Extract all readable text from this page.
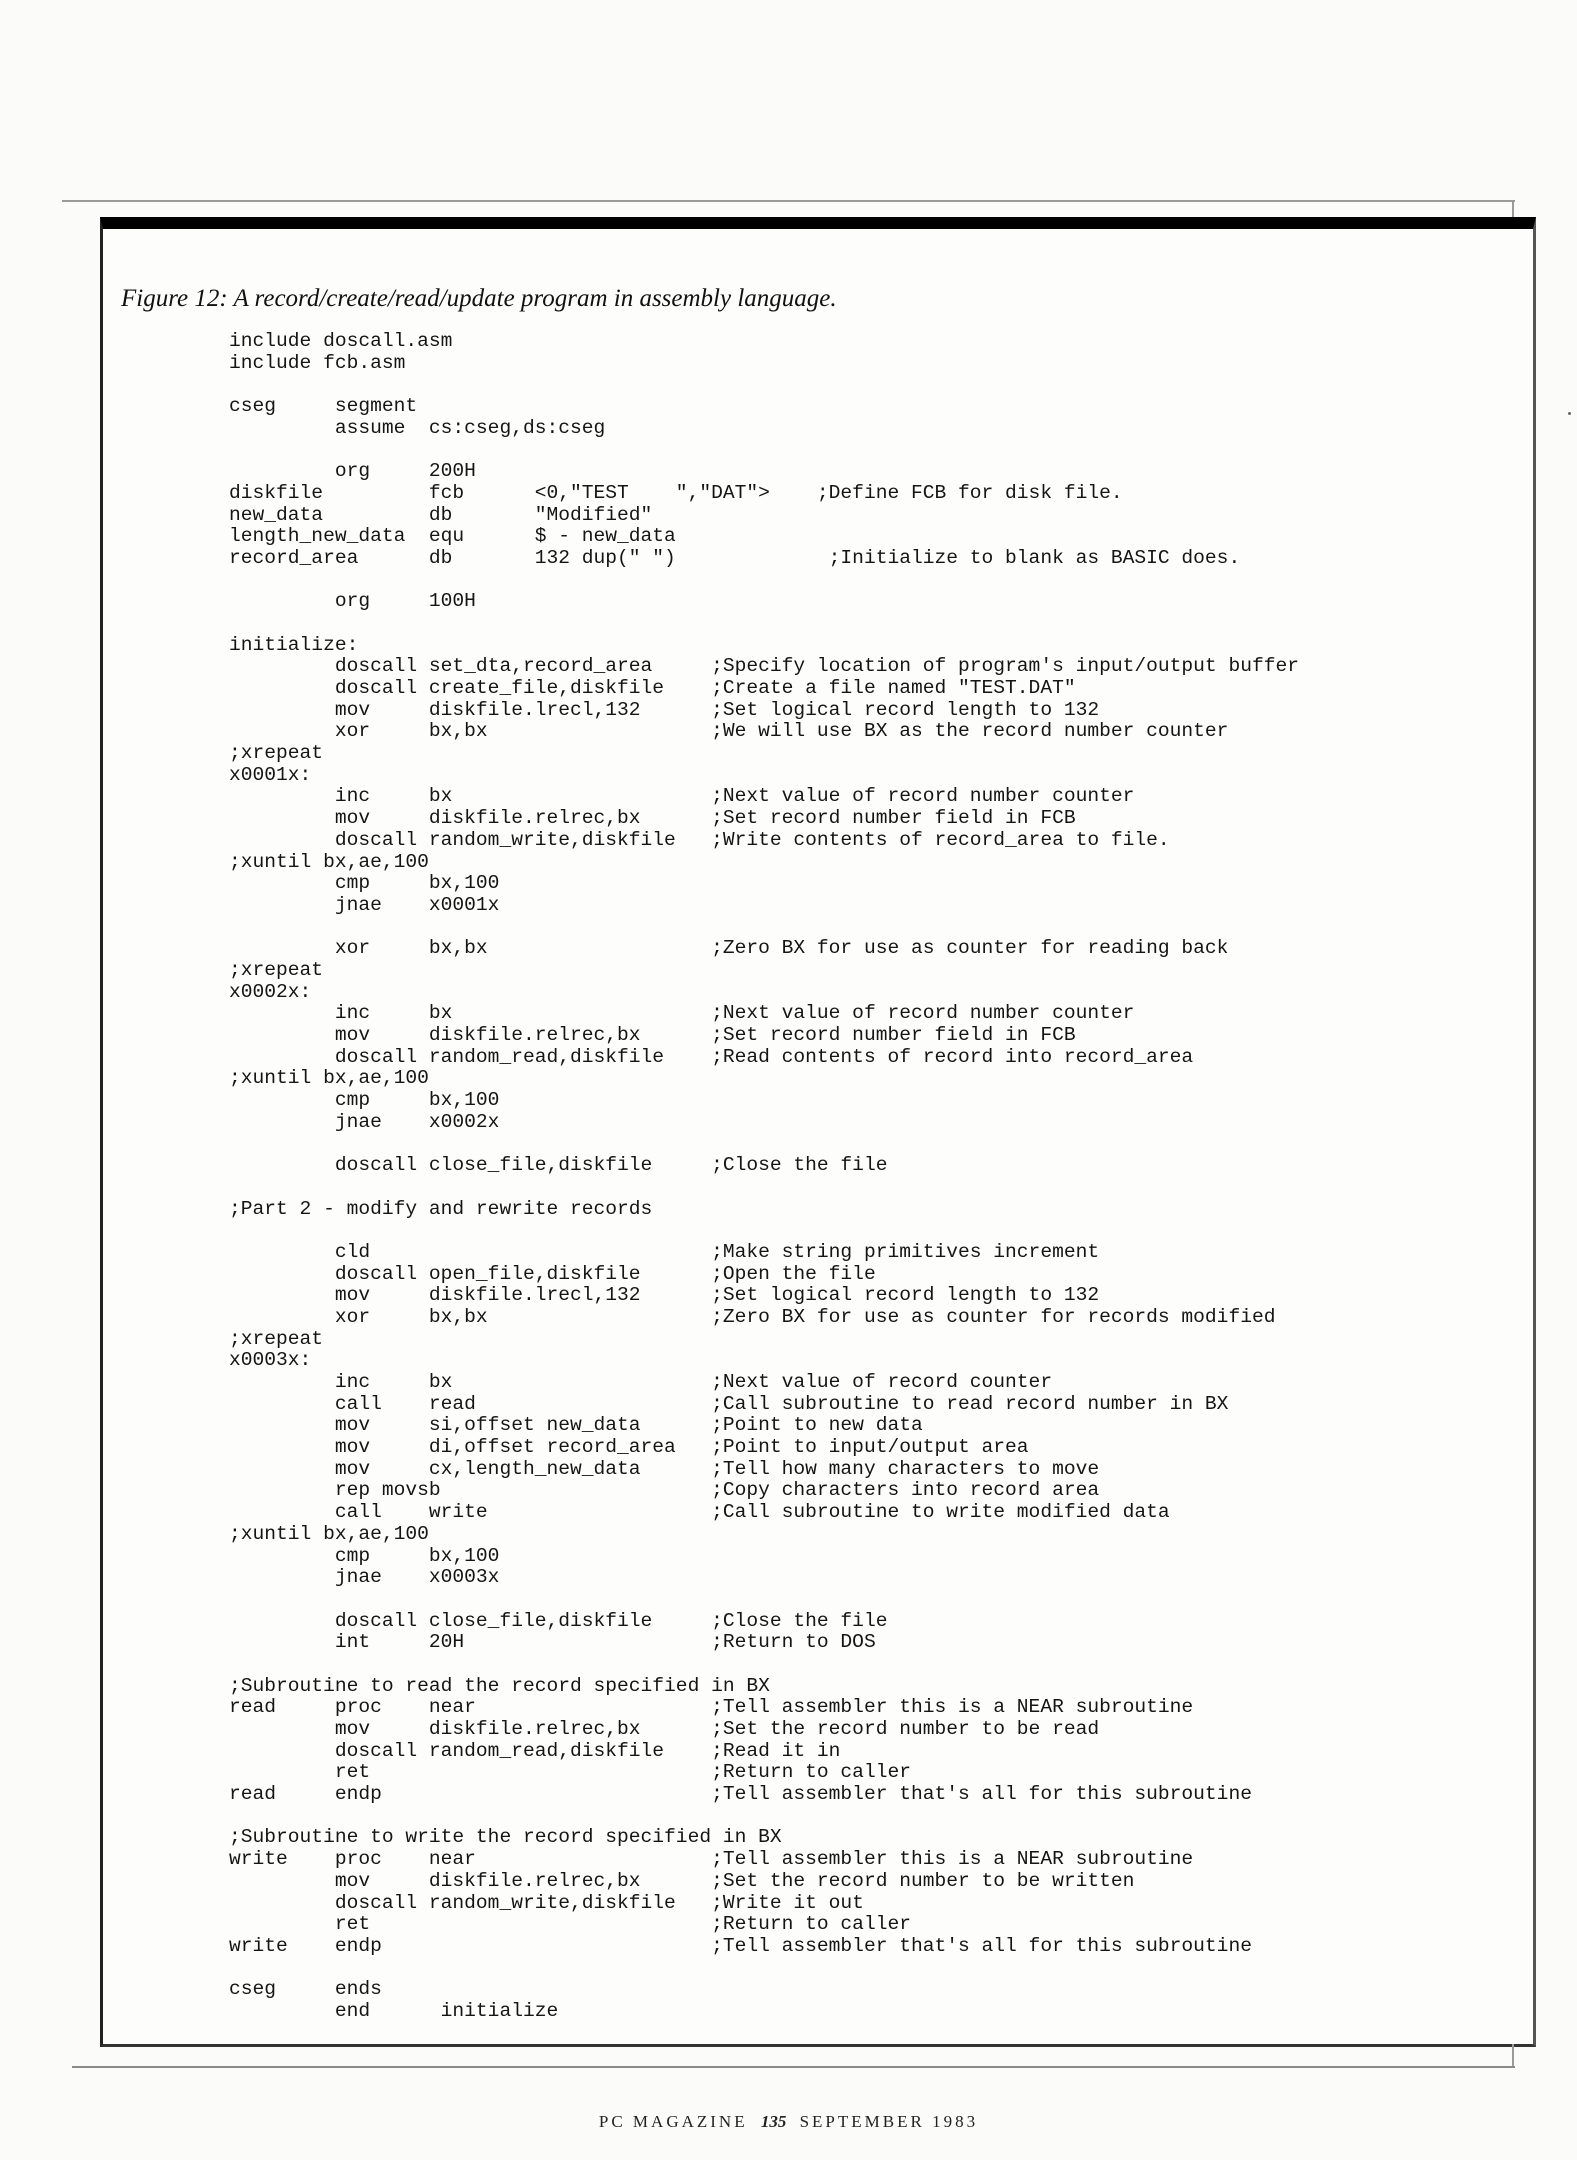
Figure 12: A record/create/read/update program in assembly language.
include doscall.asm
include fcb.asm
cseg     segment
assume  cs:cseg,ds:cseg
org     200H
diskfile         fcb      <0,"TEST    ","DAT">    ;Define FCB for disk file.
new_data         db       "Modified"
length_new_data  equ      $ - new_data
record_area      db       132 dup(" ")             ;Initialize to blank as BASIC does.
org     100H
initialize:
doscall set_dta,record_area     ;Specify location of program's input/output buffer
doscall create_file,diskfile    ;Create a file named "TEST.DAT"
mov     diskfile.lrecl,132      ;Set logical record length to 132
xor     bx,bx                   ;We will use BX as the record number counter
;xrepeat
x0001x:
inc     bx                      ;Next value of record number counter
mov     diskfile.relrec,bx      ;Set record number field in FCB
doscall random_write,diskfile   ;Write contents of record_area to file.
;xuntil bx,ae,100
cmp     bx,100
jnae    x0001x
xor     bx,bx                   ;Zero BX for use as counter for reading back
;xrepeat
x0002x:
inc     bx                      ;Next value of record number counter
mov     diskfile.relrec,bx      ;Set record number field in FCB
doscall random_read,diskfile    ;Read contents of record into record_area
;xuntil bx,ae,100
cmp     bx,100
jnae    x0002x
doscall close_file,diskfile     ;Close the file
;Part 2 - modify and rewrite records
cld                             ;Make string primitives increment
doscall open_file,diskfile      ;Open the file
mov     diskfile.lrecl,132      ;Set logical record length to 132
xor     bx,bx                   ;Zero BX for use as counter for records modified
;xrepeat
x0003x:
inc     bx                      ;Next value of record counter
call    read                    ;Call subroutine to read record number in BX
mov     si,offset new_data      ;Point to new data
mov     di,offset record_area   ;Point to input/output area
mov     cx,length_new_data      ;Tell how many characters to move
rep movsb                       ;Copy characters into record area
call    write                   ;Call subroutine to write modified data
;xuntil bx,ae,100
cmp     bx,100
jnae    x0003x
doscall close_file,diskfile     ;Close the file
int     20H                     ;Return to DOS
;Subroutine to read the record specified in BX
read     proc    near                    ;Tell assembler this is a NEAR subroutine
mov     diskfile.relrec,bx      ;Set the record number to be read
doscall random_read,diskfile    ;Read it in
ret                             ;Return to caller
read     endp                            ;Tell assembler that's all for this subroutine
;Subroutine to write the record specified in BX
write    proc    near                    ;Tell assembler this is a NEAR subroutine
mov     diskfile.relrec,bx      ;Set the record number to be written
doscall random_write,diskfile   ;Write it out
ret                             ;Return to caller
write    endp                            ;Tell assembler that's all for this subroutine
cseg     ends
end      initialize
PC MAGAZINE 135 SEPTEMBER 1983
